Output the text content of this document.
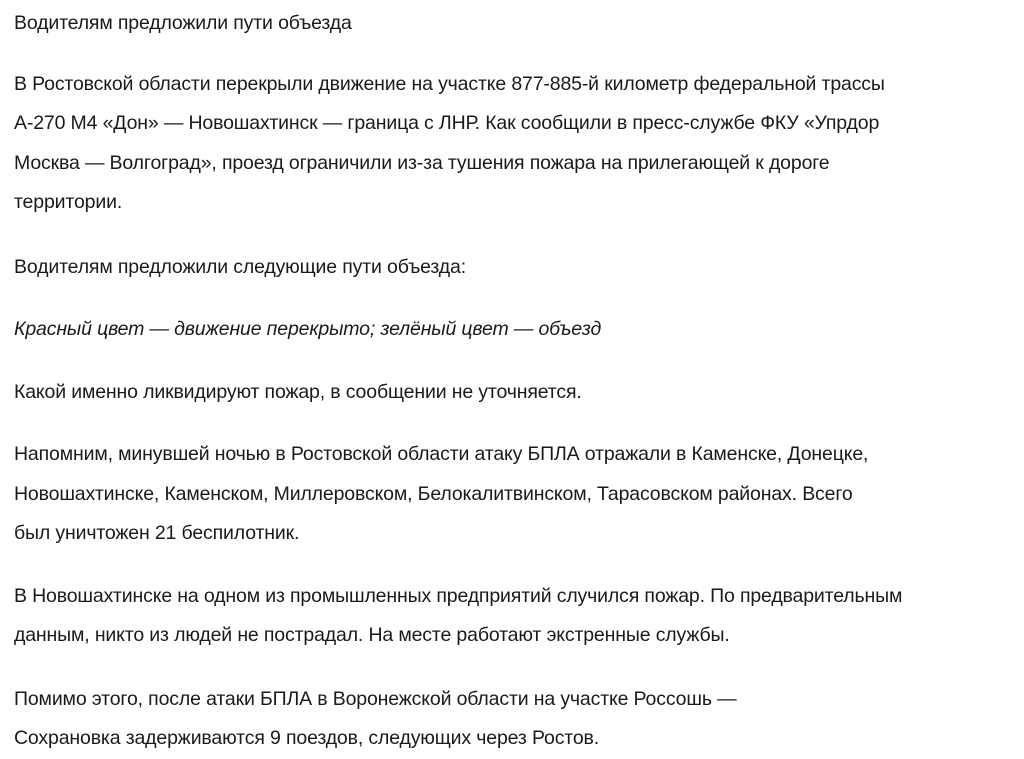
Водителям предложили пути объезда

В Ростовской области перекрыли движение на участке 877-885-й километр федеральной трассы
А-270 М4 «Дон» — Новошахтинск — граница с ЛНР. Как сообщили в пресс-службе ФКУ «Упрдор
Москва — Волгоград», проезд ограничили из-за тушения пожара на прилегающей к дороге
территории.

Водителям предложили следующие пути объезда:

Красный цвет — движение перекрыто; зелёный цвет — объезд

Какой именно ликвидируют пожар, в сообщении не уточняется.

Напомним, минувшей ночью в Ростовской области атаку БПЛА отражали в Каменске, Донецке,
Новошахтинске, Каменском, Миллеровском, Белокалитвинском, Тарасовском районах. Всего
был уничтожен 21 беспилотник.

В Новошахтинске на одном из промышленных предприятий случился пожар. По предварительным
данным, никто из людей не пострадал. На месте работают экстренные службы.

Помимо этого, после атаки БПЛА в Воронежской области на участке Россошь —
Сохрановка задерживаются 9 поездов, следующих через Ростов.
